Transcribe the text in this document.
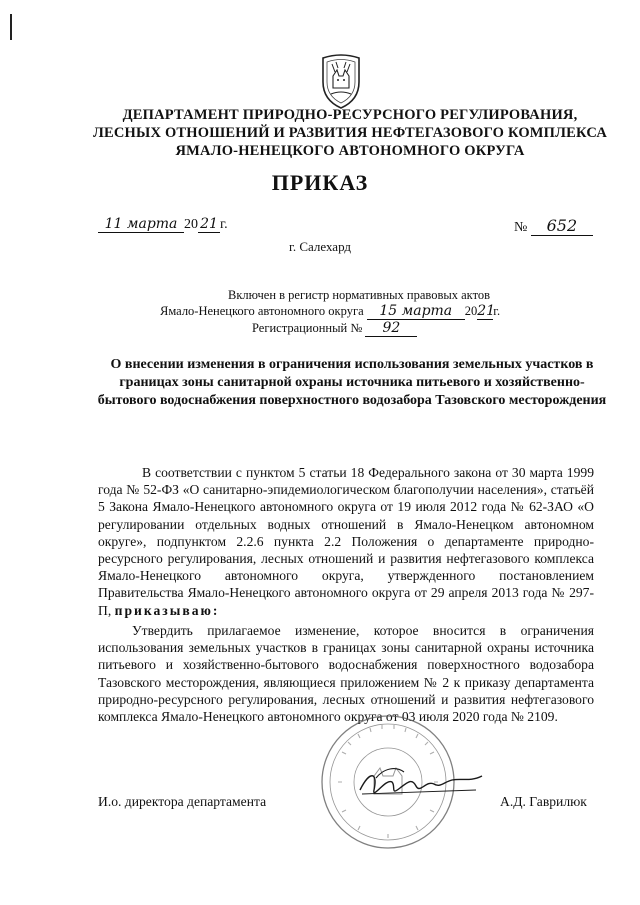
ДЕПАРТАМЕНТ ПРИРОДНО-РЕСУРСНОГО РЕГУЛИРОВАНИЯ,
ЛЕСНЫХ ОТНОШЕНИЙ И РАЗВИТИЯ НЕФТЕГАЗОВОГО КОМПЛЕКСА
ЯМАЛО-НЕНЕЦКОГО АВТОНОМНОГО ОКРУГА
ПРИКАЗ
11 марта 20 21 г.	№ 652
г. Салехард
Включен в регистр нормативных правовых актов
Ямало-Ненецкого автономного округа 15 марта 2021г.
Регистрационный № 92
О внесении изменения в ограничения использования земельных участков в границах зоны санитарной охраны источника питьевого и хозяйственно-бытового водоснабжения поверхностного водозабора Тазовского месторождения
В соответствии с пунктом 5 статьи 18 Федерального закона от 30 марта 1999 года № 52-ФЗ «О санитарно-эпидемиологическом благополучии населения», статьёй 5 Закона Ямало-Ненецкого автономного округа от 19 июля 2012 года № 62-ЗАО «О регулировании отдельных водных отношений в Ямало-Ненецком автономном округе», подпунктом 2.2.6 пункта 2.2 Положения о департаменте природно-ресурсного регулирования, лесных отношений и развития нефтегазового комплекса Ямало-Ненецкого автономного округа, утвержденного постановлением Правительства Ямало-Ненецкого автономного округа от 29 апреля 2013 года № 297-П, приказываю:
Утвердить прилагаемое изменение, которое вносится в ограничения использования земельных участков в границах зоны санитарной охраны источника питьевого и хозяйственно-бытового водоснабжения поверхностного водозабора Тазовского месторождения, являющиеся приложением № 2 к приказу департамента природно-ресурсного регулирования, лесных отношений и развития нефтегазового комплекса Ямало-Ненецкого автономного округа от 03 июля 2020 года № 2109.
И.о. директора департамента	А.Д. Гаврилюк
